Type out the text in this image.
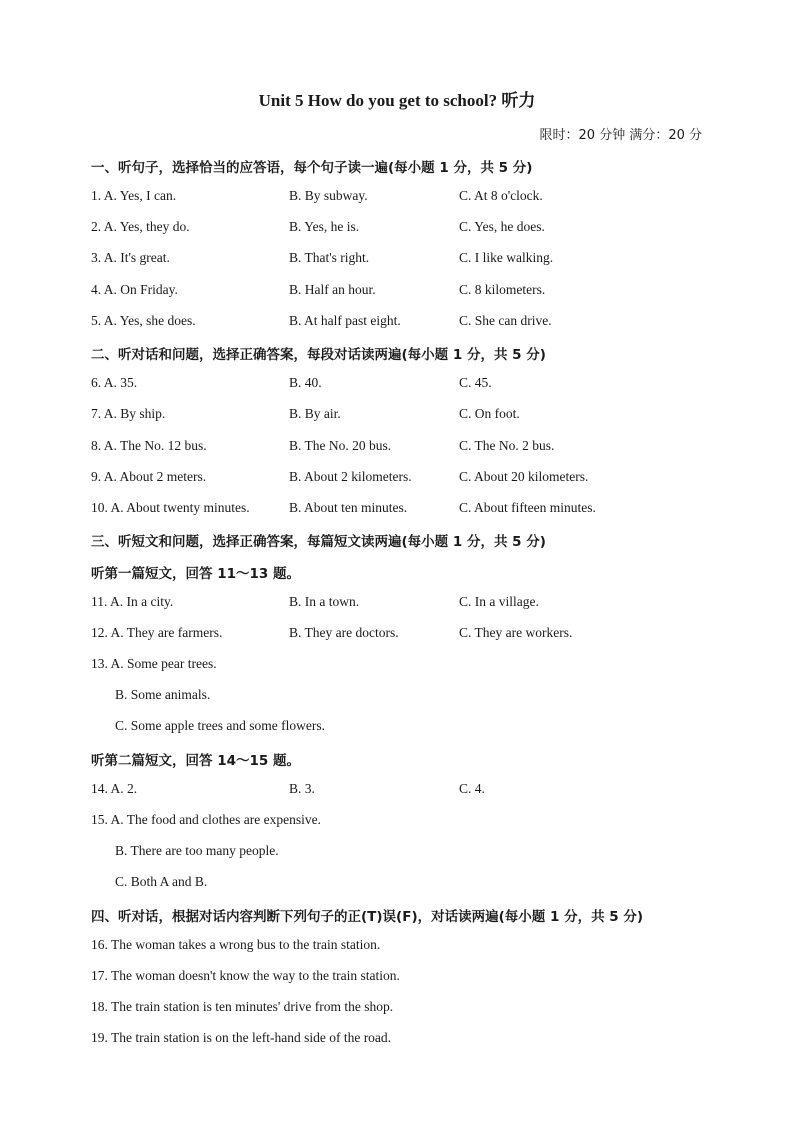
Unit 5 How do you get to school? 听力
限时：20 分钟 满分：20 分
一、听句子，选择恰当的应答语，每个句子读一遍(每小题 1 分，共 5 分)
1. A. Yes, I can.	B. By subway.	C. At 8 o'clock.
2. A. Yes, they do.	B. Yes, he is.	C. Yes, he does.
3. A. It's great.	B. That's right.	C. I like walking.
4. A. On Friday.	B. Half an hour.	C. 8 kilometers.
5. A. Yes, she does.	B. At half past eight.	C. She can drive.
二、听对话和问题，选择正确答案，每段对话读两遍(每小题 1 分，共 5 分)
6. A. 35.	B. 40.	C. 45.
7. A. By ship.	B. By air.	C. On foot.
8. A. The No. 12 bus.	B. The No. 20 bus.	C. The No. 2 bus.
9. A. About 2 meters.	B. About 2 kilometers.	C. About 20 kilometers.
10. A. About twenty minutes.	B. About ten minutes.	C. About fifteen minutes.
三、听短文和问题，选择正确答案，每篇短文读两遍(每小题 1 分，共 5 分)
听第一篇短文，回答 11～13 题。
11. A. In a city.	B. In a town.	C. In a village.
12. A. They are farmers.	B. They are doctors.	C. They are workers.
13. A. Some pear trees.
B. Some animals.
C. Some apple trees and some flowers.
听第二篇短文，回答 14～15 题。
14. A. 2.	B. 3.	C. 4.
15. A. The food and clothes are expensive.
B. There are too many people.
C. Both A and B.
四、听对话，根据对话内容判断下列句子的正(T)误(F)，对话读两遍(每小题 1 分，共 5 分)
16. The woman takes a wrong bus to the train station.
17. The woman doesn't know the way to the train station.
18. The train station is ten minutes' drive from the shop.
19. The train station is on the left-hand side of the road.
